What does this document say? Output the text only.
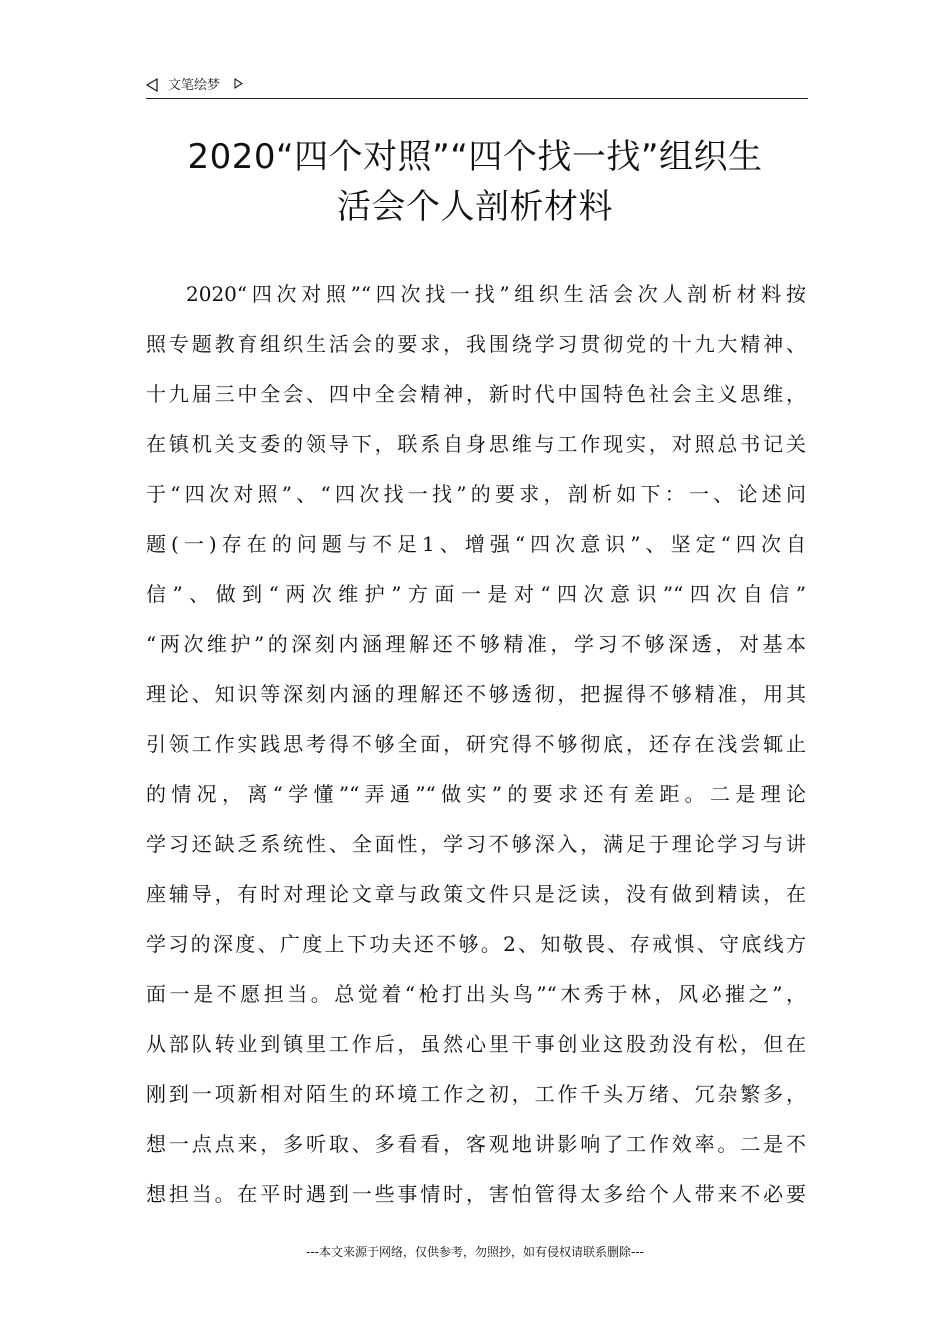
文笔绘梦
2020“四个对照”“四个找一找”组织生
活会个人剖析材料
2020“四次对照”“四次找一找”组织生活会次人剖析材料按
照专题教育组织生活会的要求，我围绕学习贯彻党的十九大精神、
十九届三中全会、四中全会精神，新时代中国特色社会主义思维，
在镇机关支委的领导下，联系自身思维与工作现实，对照总书记关
于“四次对照”、“四次找一找”的要求，剖析如下：一、论述问
题(一)存在的问题与不足1、增强“四次意识”、坚定“四次自
信”、做到“两次维护”方面一是对“四次意识”“四次自信”
“两次维护”的深刻内涵理解还不够精准，学习不够深透，对基本
理论、知识等深刻内涵的理解还不够透彻，把握得不够精准，用其
引领工作实践思考得不够全面，研究得不够彻底，还存在浅尝辄止
的情况，离“学懂”“弄通”“做实”的要求还有差距。二是理论
学习还缺乏系统性、全面性，学习不够深入，满足于理论学习与讲
座辅导，有时对理论文章与政策文件只是泛读，没有做到精读，在
学习的深度、广度上下功夫还不够。2、知敬畏、存戒惧、守底线方
面一是不愿担当。总觉着“枪打出头鸟”“木秀于林，风必摧之”，
从部队转业到镇里工作后，虽然心里干事创业这股劲没有松，但在
刚到一项新相对陌生的环境工作之初，工作千头万绪、冗杂繁多，
想一点点来，多听取、多看看，客观地讲影响了工作效率。二是不
想担当。在平时遇到一些事情时，害怕管得太多给个人带来不必要
---本文来源于网络，仅供参考，勿照抄，如有侵权请联系删除---
